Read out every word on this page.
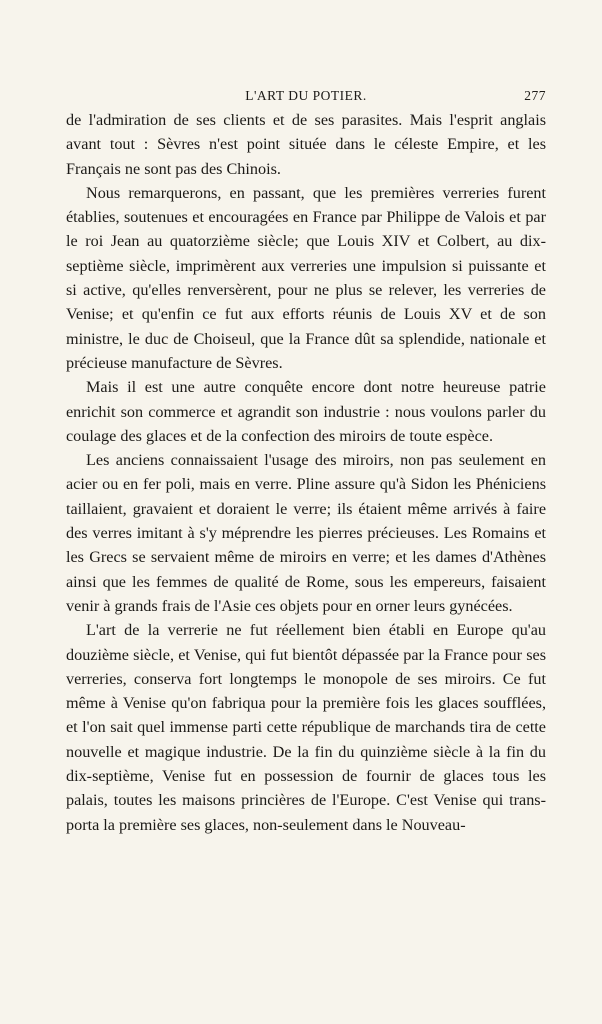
L'ART DU POTIER.	277

de l'admiration de ses clients et de ses parasites. Mais l'esprit anglais avant tout : Sèvres n'est point située dans le céleste Empire, et les Français ne sont pas des Chinois.

Nous remarquerons, en passant, que les premières verreries furent établies, soutenues et encouragées en France par Philippe de Valois et par le roi Jean au quatorzième siècle; que Louis XIV et Colbert, au dix-septième siècle, imprimèrent aux verreries une impulsion si puissante et si active, qu'elles renversèrent, pour ne plus se relever, les verreries de Venise; et qu'enfin ce fut aux efforts réunis de Louis XV et de son ministre, le duc de Choiseul, que la France dût sa splendide, nationale et précieuse manufacture de Sèvres.

Mais il est une autre conquête encore dont notre heureuse patrie enrichit son commerce et agrandit son industrie : nous voulons parler du coulage des glaces et de la confection des miroirs de toute espèce.

Les anciens connaissaient l'usage des miroirs, non pas seulement en acier ou en fer poli, mais en verre. Pline assure qu'à Sidon les Phéniciens taillaient, gravaient et doraient le verre; ils étaient même arrivés à faire des verres imitant à s'y méprendre les pierres précieuses. Les Romains et les Grecs se servaient même de miroirs en verre; et les dames d'Athènes ainsi que les femmes de qualité de Rome, sous les empereurs, faisaient venir à grands frais de l'Asie ces objets pour en orner leurs gynécées.

L'art de la verrerie ne fut réellement bien établi en Europe qu'au douzième siècle, et Venise, qui fut bientôt dépassée par la France pour ses verreries, conserva fort longtemps le monopole de ses miroirs. Ce fut même à Venise qu'on fabriqua pour la première fois les glaces soufflées, et l'on sait quel immense parti cette république de marchands tira de cette nouvelle et magique industrie. De la fin du quinzième siècle à la fin du dix-septième, Venise fut en possession de fournir de glaces tous les palais, toutes les maisons princières de l'Europe. C'est Venise qui transporta la première ses glaces, non-seulement dans le Nouveau-
